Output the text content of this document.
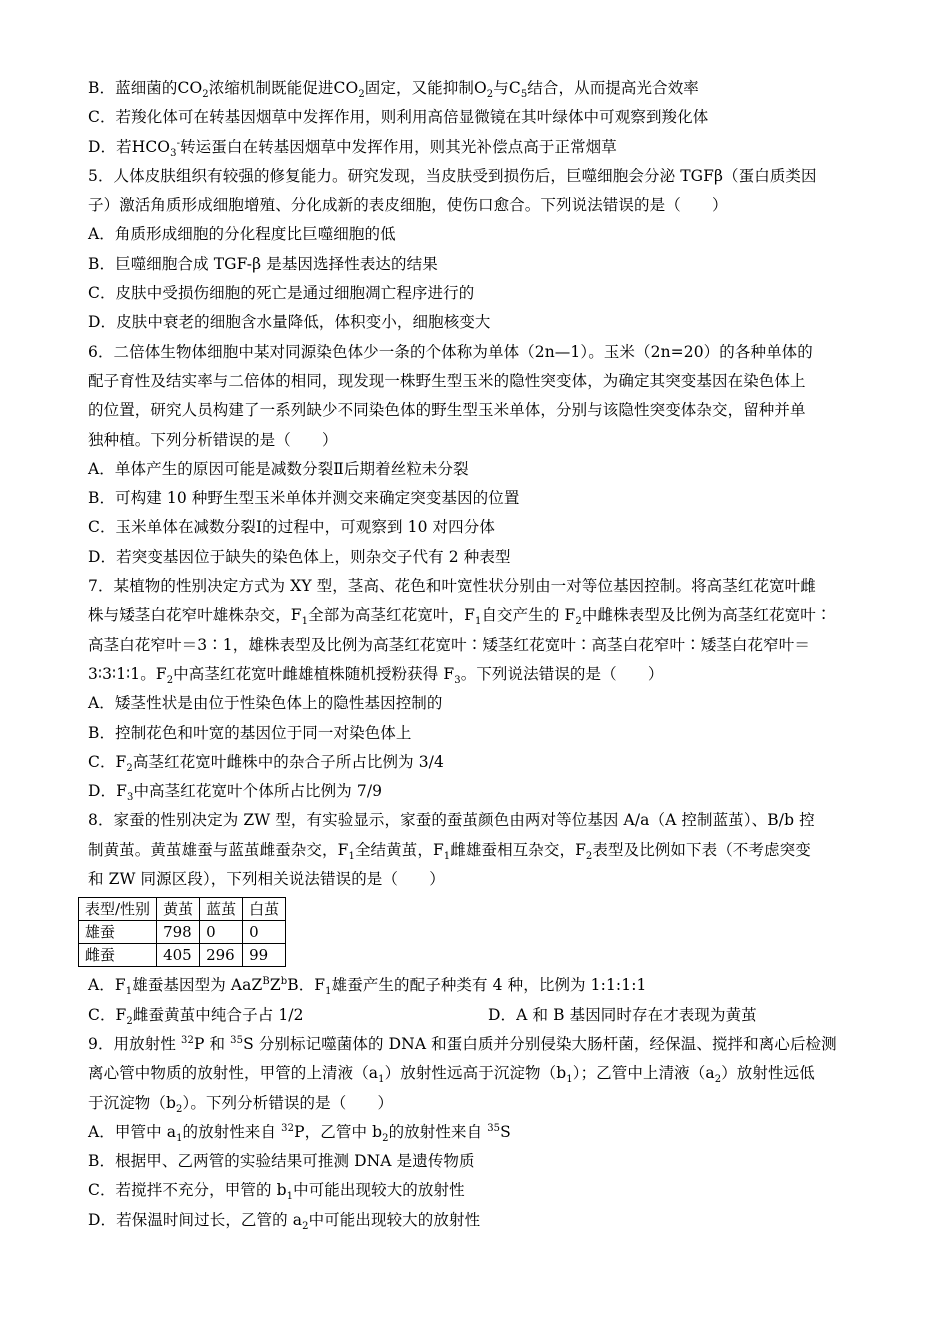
B．蓝细菌的$CO_2$浓缩机制既能促进$CO_2$固定，又能抑制$O_2$与$C_5$结合，从而提高光合效率
C．若羧化体可在转基因烟草中发挥作用，则利用高倍显微镜在其叶绿体中可观察到羧化体
D．若$HCO_3^-$转运蛋白在转基因烟草中发挥作用，则其光补偿点高于正常烟草
5．人体皮肤组织有较强的修复能力。研究发现，当皮肤受到损伤后，巨噬细胞会分泌 TGFβ（蛋白质类因
子）激活角质形成细胞增殖、分化成新的表皮细胞，使伤口愈合。下列说法错误的是（　　）
A．角质形成细胞的分化程度比巨噬细胞的低
B．巨噬细胞合成 TGF-β 是基因选择性表达的结果
C．皮肤中受损伤细胞的死亡是通过细胞凋亡程序进行的
D．皮肤中衰老的细胞含水量降低，体积变小，细胞核变大
6．二倍体生物体细胞中某对同源染色体少一条的个体称为单体（2n—1）。玉米（2n=20）的各种单体的
配子育性及结实率与二倍体的相同，现发现一株野生型玉米的隐性突变体，为确定其突变基因在染色体上
的位置，研究人员构建了一系列缺少不同染色体的野生型玉米单体，分别与该隐性突变体杂交，留种并单
独种植。下列分析错误的是（　　）
A．单体产生的原因可能是减数分裂Ⅱ后期着丝粒未分裂
B．可构建 10 种野生型玉米单体并测交来确定突变基因的位置
C．玉米单体在减数分裂Ⅰ的过程中，可观察到 10 对四分体
D．若突变基因位于缺失的染色体上，则杂交子代有 2 种表型
7．某植物的性别决定方式为 XY 型，茎高、花色和叶宽性状分别由一对等位基因控制。将高茎红花宽叶雌
株与矮茎白花窄叶雄株杂交，$F_1$全部为高茎红花宽叶，$F_1$自交产生的 $F_2$中雌株表型及比例为高茎红花宽叶∶
高茎白花窄叶＝3∶1，雄株表型及比例为高茎红花宽叶∶矮茎红花宽叶∶高茎白花窄叶∶矮茎白花窄叶＝
3∶3∶1∶1。$F_2$中高茎红花宽叶雌雄植株随机授粉获得 $F_3$。下列说法错误的是（　　）
A．矮茎性状是由位于性染色体上的隐性基因控制的
B．控制花色和叶宽的基因位于同一对染色体上
C．$F_2$高茎红花宽叶雌株中的杂合子所占比例为 3/4
D．$F_3$中高茎红花宽叶个体所占比例为 7/9
8．家蚕的性别决定为 ZW 型，有实验显示，家蚕的蚕茧颜色由两对等位基因 A/a（A 控制蓝茧）、B/b 控
制黄茧。黄茧雄蚕与蓝茧雌蚕杂交，$F_1$全结黄茧，$F_1$雌雄蚕相互杂交，$F_2$表型及比例如下表（不考虑突变
和 ZW 同源区段），下列相关说法错误的是（　　）
表型/性别	黄茧	蓝茧	白茧
雄蚕	798	0	0
雌蚕	405	296	99
A．$F_1$雄蚕基因型为 $AaZ^BZ^bB$．$F_1$雄蚕产生的配子种类有 4 种，比例为 1:1:1:1
C．$F_2$雌蚕黄茧中纯合子占 1/2	D．A 和 B 基因同时存在才表现为黄茧
9．用放射性 $^{32}$P 和 $^{35}$S 分别标记噬菌体的 DNA 和蛋白质并分别侵染大肠杆菌，经保温、搅拌和离心后检测
离心管中物质的放射性，甲管的上清液$(a_1)$放射性远高于沉淀物$(b_1)$；乙管中上清液$(a_2)$放射性远低
于沉淀物$(b_2)$。下列分析错误的是（　　）
A．甲管中 $a_1$的放射性来自 $^{32}$P，乙管中 $b_2$的放射性来自 $^{35}$S
B．根据甲、乙两管的实验结果可推测 DNA 是遗传物质
C．若搅拌不充分，甲管的 $b_1$中可能出现较大的放射性
D．若保温时间过长，乙管的 $a_2$中可能出现较大的放射性
